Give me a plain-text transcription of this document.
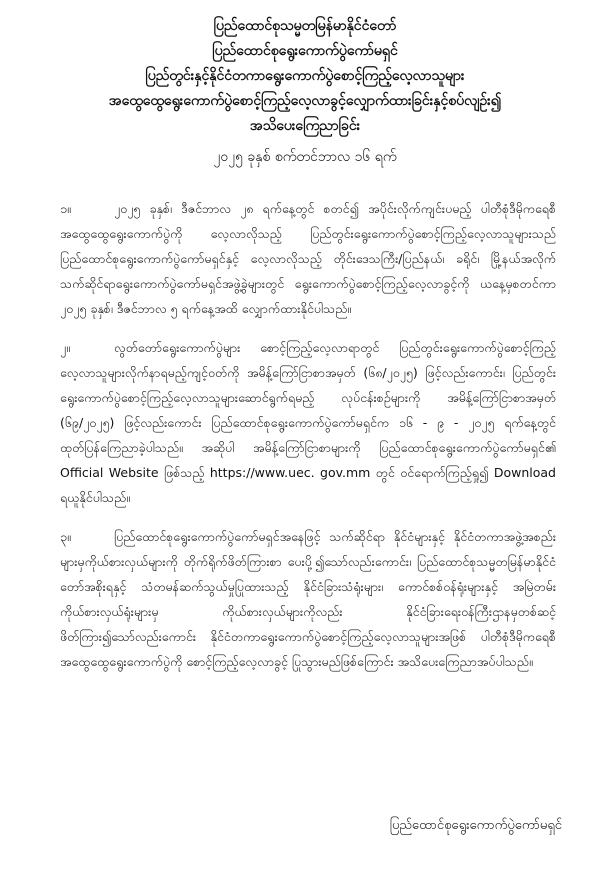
ပြည်ထောင်စုသမ္မတမြန်မာနိုင်ငံတော်
ပြည်ထောင်စုရွေးကောက်ပွဲကော်မရှင်
ပြည်တွင်းနှင့်နိုင်ငံတကာရွေးကောက်ပွဲစောင့်ကြည့်လေ့လာသူများ
အထွေထွေရွေးကောက်ပွဲစောင့်ကြည့်လေ့လာခွင့်လျှောက်ထားခြင်းနှင့်စပ်လျဉ်း၍
အသိပေးကြေညာခြင်း
၂၀၂၅ ခုနှစ် စက်တင်ဘာလ ၁၆ ရက်

၁။	၂၀၂၅ ခုနှစ်၊ ဒီဇင်ဘာလ ၂၈ ရက်နေ့တွင် စတင်၍ အပိုင်းလိုက်ကျင်းပမည့် ပါတီစုံဒီမိုကရေစီအထွေထွေရွေးကောက်ပွဲကို လေ့လာလိုသည့် ပြည်တွင်းရွေးကောက်ပွဲစောင့်ကြည့်လေ့လာသူများသည် ပြည်ထောင်စုရွေးကောက်ပွဲကော်မရှင်နှင့် လေ့လာလိုသည့် တိုင်းဒေသကြီး/ပြည်နယ်၊ ခရိုင်၊ မြို့နယ်အလိုက် သက်ဆိုင်ရာရွေးကောက်ပွဲကော်မရှင်အဖွဲ့ခွဲများတွင် ရွေးကောက်ပွဲစောင့်ကြည့်လေ့လာခွင့်ကို ယနေ့မှစတင်ကာ ၂၀၂၅ ခုနှစ်၊ ဒီဇင်ဘာလ ၅ ရက်နေ့အထိ လျှောက်ထားနိုင်ပါသည်။

၂။	လွတ်တော်ရွေးကောက်ပွဲများ စောင့်ကြည့်လေ့လာရာတွင် ပြည်တွင်းရွေးကောက်ပွဲစောင့်ကြည့်လေ့လာသူများလိုက်နာရမည့်ကျင့်ဝတ်ကို အမိန့်ကြော်ငြာစာအမှတ် (၆၈/၂၀၂၅) ဖြင့်လည်းကောင်း၊ ပြည်တွင်းရွေးကောက်ပွဲစောင့်ကြည့်လေ့လာသူများဆောင်ရွက်ရမည့် လုပ်ငန်းစဉ်များကို အမိန့်ကြော်ငြာစာအမှတ် (၆၉/၂၀၂၅) ဖြင့်လည်းကောင်း ပြည်ထောင်စုရွေးကောက်ပွဲကော်မရှင်က ၁၆ - ၉ - ၂၀၂၅ ရက်နေ့တွင် ထုတ်ပြန်ကြေညာခဲ့ပါသည်။ အဆိုပါ အမိန့်ကြော်ငြာစာများကို ပြည်ထောင်စုရွေးကောက်ပွဲကော်မရှင်၏ Official Website ဖြစ်သည့် https://www.uec. gov.mm တွင် ဝင်ရောက်ကြည့်ရှု၍ Download ရယူနိုင်ပါသည်။

၃။	ပြည်ထောင်စုရွေးကောက်ပွဲကော်မရှင်အနေဖြင့် သက်ဆိုင်ရာ နိုင်ငံများနှင့် နိုင်ငံတကာအဖွဲ့အစည်းများမှကိုယ်စားလှယ်များကို တိုက်ရိုက်ဖိတ်ကြားစာ ပေးပို့၍သော်လည်းကောင်း၊ ပြည်ထောင်စုသမ္မတမြန်မာနိုင်ငံတော်အစိုးရနှင့် သံတမန်ဆက်သွယ်မှုပြုထားသည့် နိုင်ငံခြားသံရုံးများ၊ ကောင်စစ်ဝန်ရုံးများနှင့် အမြဲတမ်းကိုယ်စားလှယ်ရုံးများမှ ကိုယ်စားလှယ်များကိုလည်း နိုင်ငံခြားရေးဝန်ကြီးဌာနမှတစ်ဆင့် ဖိတ်ကြား၍သော်လည်းကောင်း နိုင်ငံတကာရွေးကောက်ပွဲစောင့်ကြည့်လေ့လာသူများအဖြစ် ပါတီစုံဒီမိုကရေစီအထွေထွေရွေးကောက်ပွဲကို စောင့်ကြည့်လေ့လာခွင့် ပြုသွားမည်ဖြစ်ကြောင်း အသိပေးကြေညာအပ်ပါသည်။

ပြည်ထောင်စုရွေးကောက်ပွဲကော်မရှင်
